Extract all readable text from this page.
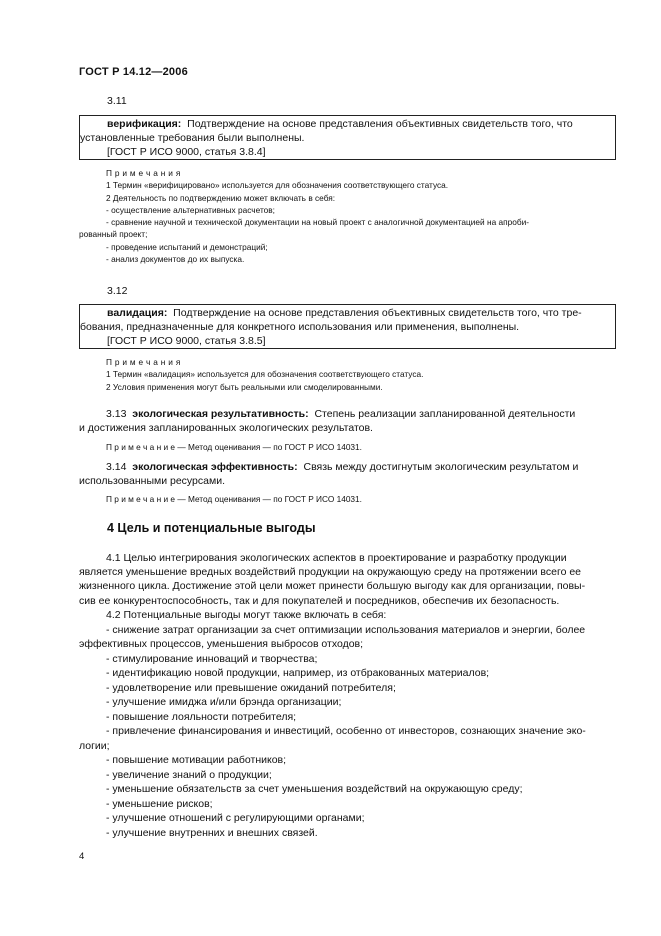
ГОСТ Р 14.12—2006
3.11
верификация: Подтверждение на основе представления объективных свидетельств того, что
установленные требования были выполнены.
[ГОСТ Р ИСО 9000, статья 3.8.4]
П р и м е ч а н и я
1 Термин «верифицировано» используется для обозначения соответствующего статуса.
2 Деятельность по подтверждению может включать в себя:
- осуществление альтернативных расчетов;
- сравнение научной и технической документации на новый проект с аналогичной документацией на апроби-
рованный проект;
- проведение испытаний и демонстраций;
- анализ документов до их выпуска.
3.12
валидация: Подтверждение на основе представления объективных свидетельств того, что тре-
бования, предназначенные для конкретного использования или применения, выполнены.
[ГОСТ Р ИСО 9000, статья 3.8.5]
П р и м е ч а н и я
1 Термин «валидация» используется для обозначения соответствующего статуса.
2 Условия применения могут быть реальными или смоделированными.
3.13 экологическая результативность: Степень реализации запланированной деятельности
и достижения запланированных экологических результатов.
П р и м е ч а н и е — Метод оценивания — по ГОСТ Р ИСО 14031.
3.14 экологическая эффективность: Связь между достигнутым экологическим результатом и
использованными ресурсами.
П р и м е ч а н и е — Метод оценивания — по ГОСТ Р ИСО 14031.
4 Цель и потенциальные выгоды
4.1 Целью интегрирования экологических аспектов в проектирование и разработку продукции
является уменьшение вредных воздействий продукции на окружающую среду на протяжении всего ее
жизненного цикла. Достижение этой цели может принести большую выгоду как для организации, повы-
сив ее конкурентоспособность, так и для покупателей и посредников, обеспечив их безопасность.
4.2 Потенциальные выгоды могут также включать в себя:
- снижение затрат организации за счет оптимизации использования материалов и энергии, более
эффективных процессов, уменьшения выбросов отходов;
- стимулирование инноваций и творчества;
- идентификацию новой продукции, например, из отбракованных материалов;
- удовлетворение или превышение ожиданий потребителя;
- улучшение имиджа и/или брэнда организации;
- повышение лояльности потребителя;
- привлечение финансирования и инвестиций, особенно от инвесторов, сознающих значение эко-
логии;
- повышение мотивации работников;
- увеличение знаний о продукции;
- уменьшение обязательств за счет уменьшения воздействий на окружающую среду;
- уменьшение рисков;
- улучшение отношений с регулирующими органами;
- улучшение внутренних и внешних связей.
4
